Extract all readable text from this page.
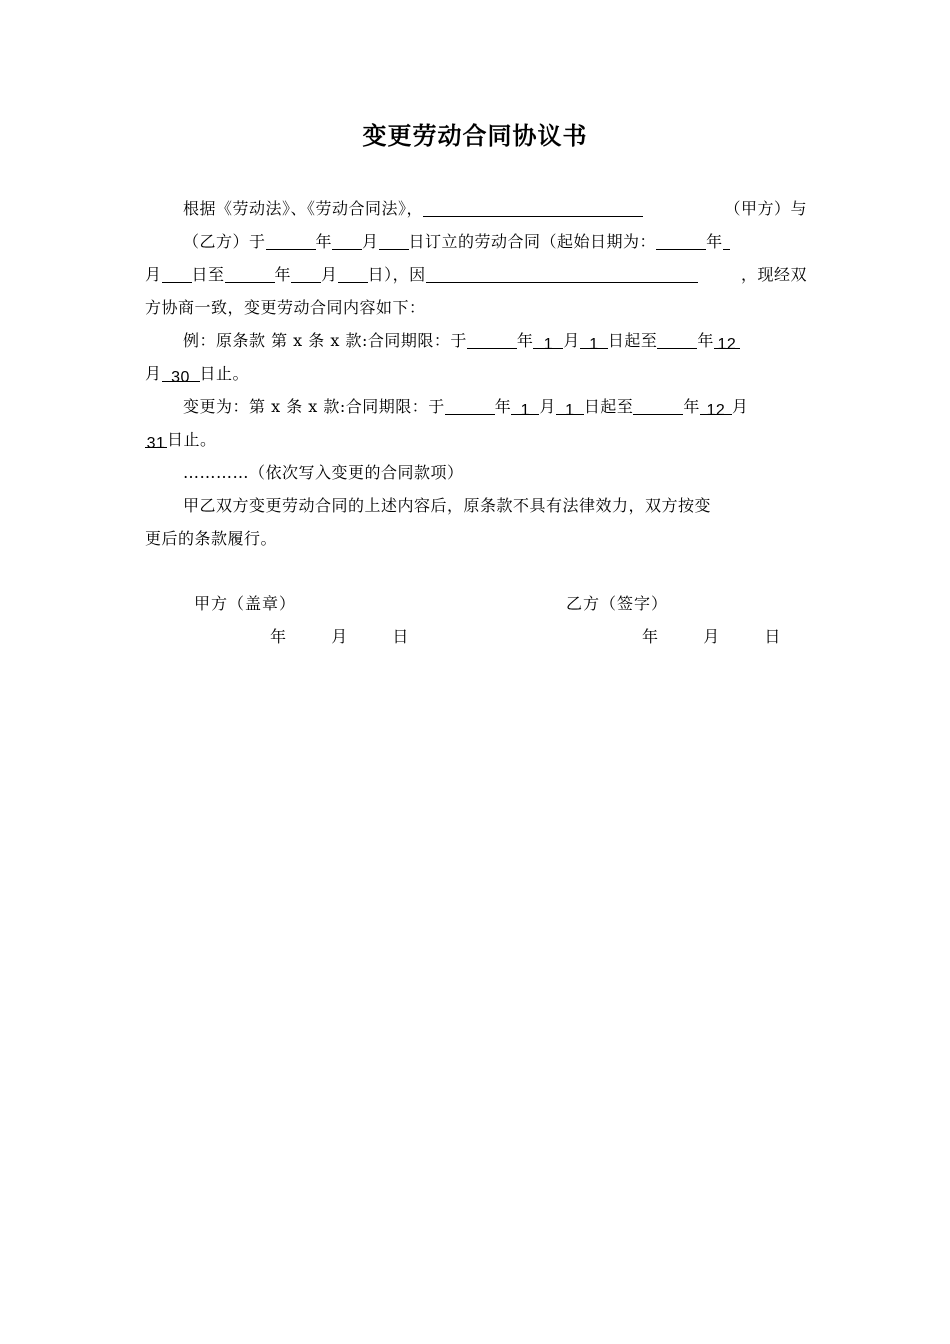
变更劳动合同协议书
根据《劳动法》、《劳动合同法》，	（甲方）与
（乙方）于	年 月 日订立的劳动合同（起始日期为：	年
月 日至	年 月 日），因	，现经双
方协商一致，变更劳动合同内容如下：
例：原条款 第 x 条 x 款:合同期限：于	年 1 月 1 日起至	年 12
月 30 日止。
变更为：第 x 条 x 款:合同期限：于	年 1 月 1 日起至	年 12 月
31 日止。
…………（依次写入变更的合同款项）
甲乙双方变更劳动合同的上述内容后，原条款不具有法律效力，双方按变
更后的条款履行。
甲方（盖章）
年	月	日
乙方（签字）
年	月	日
